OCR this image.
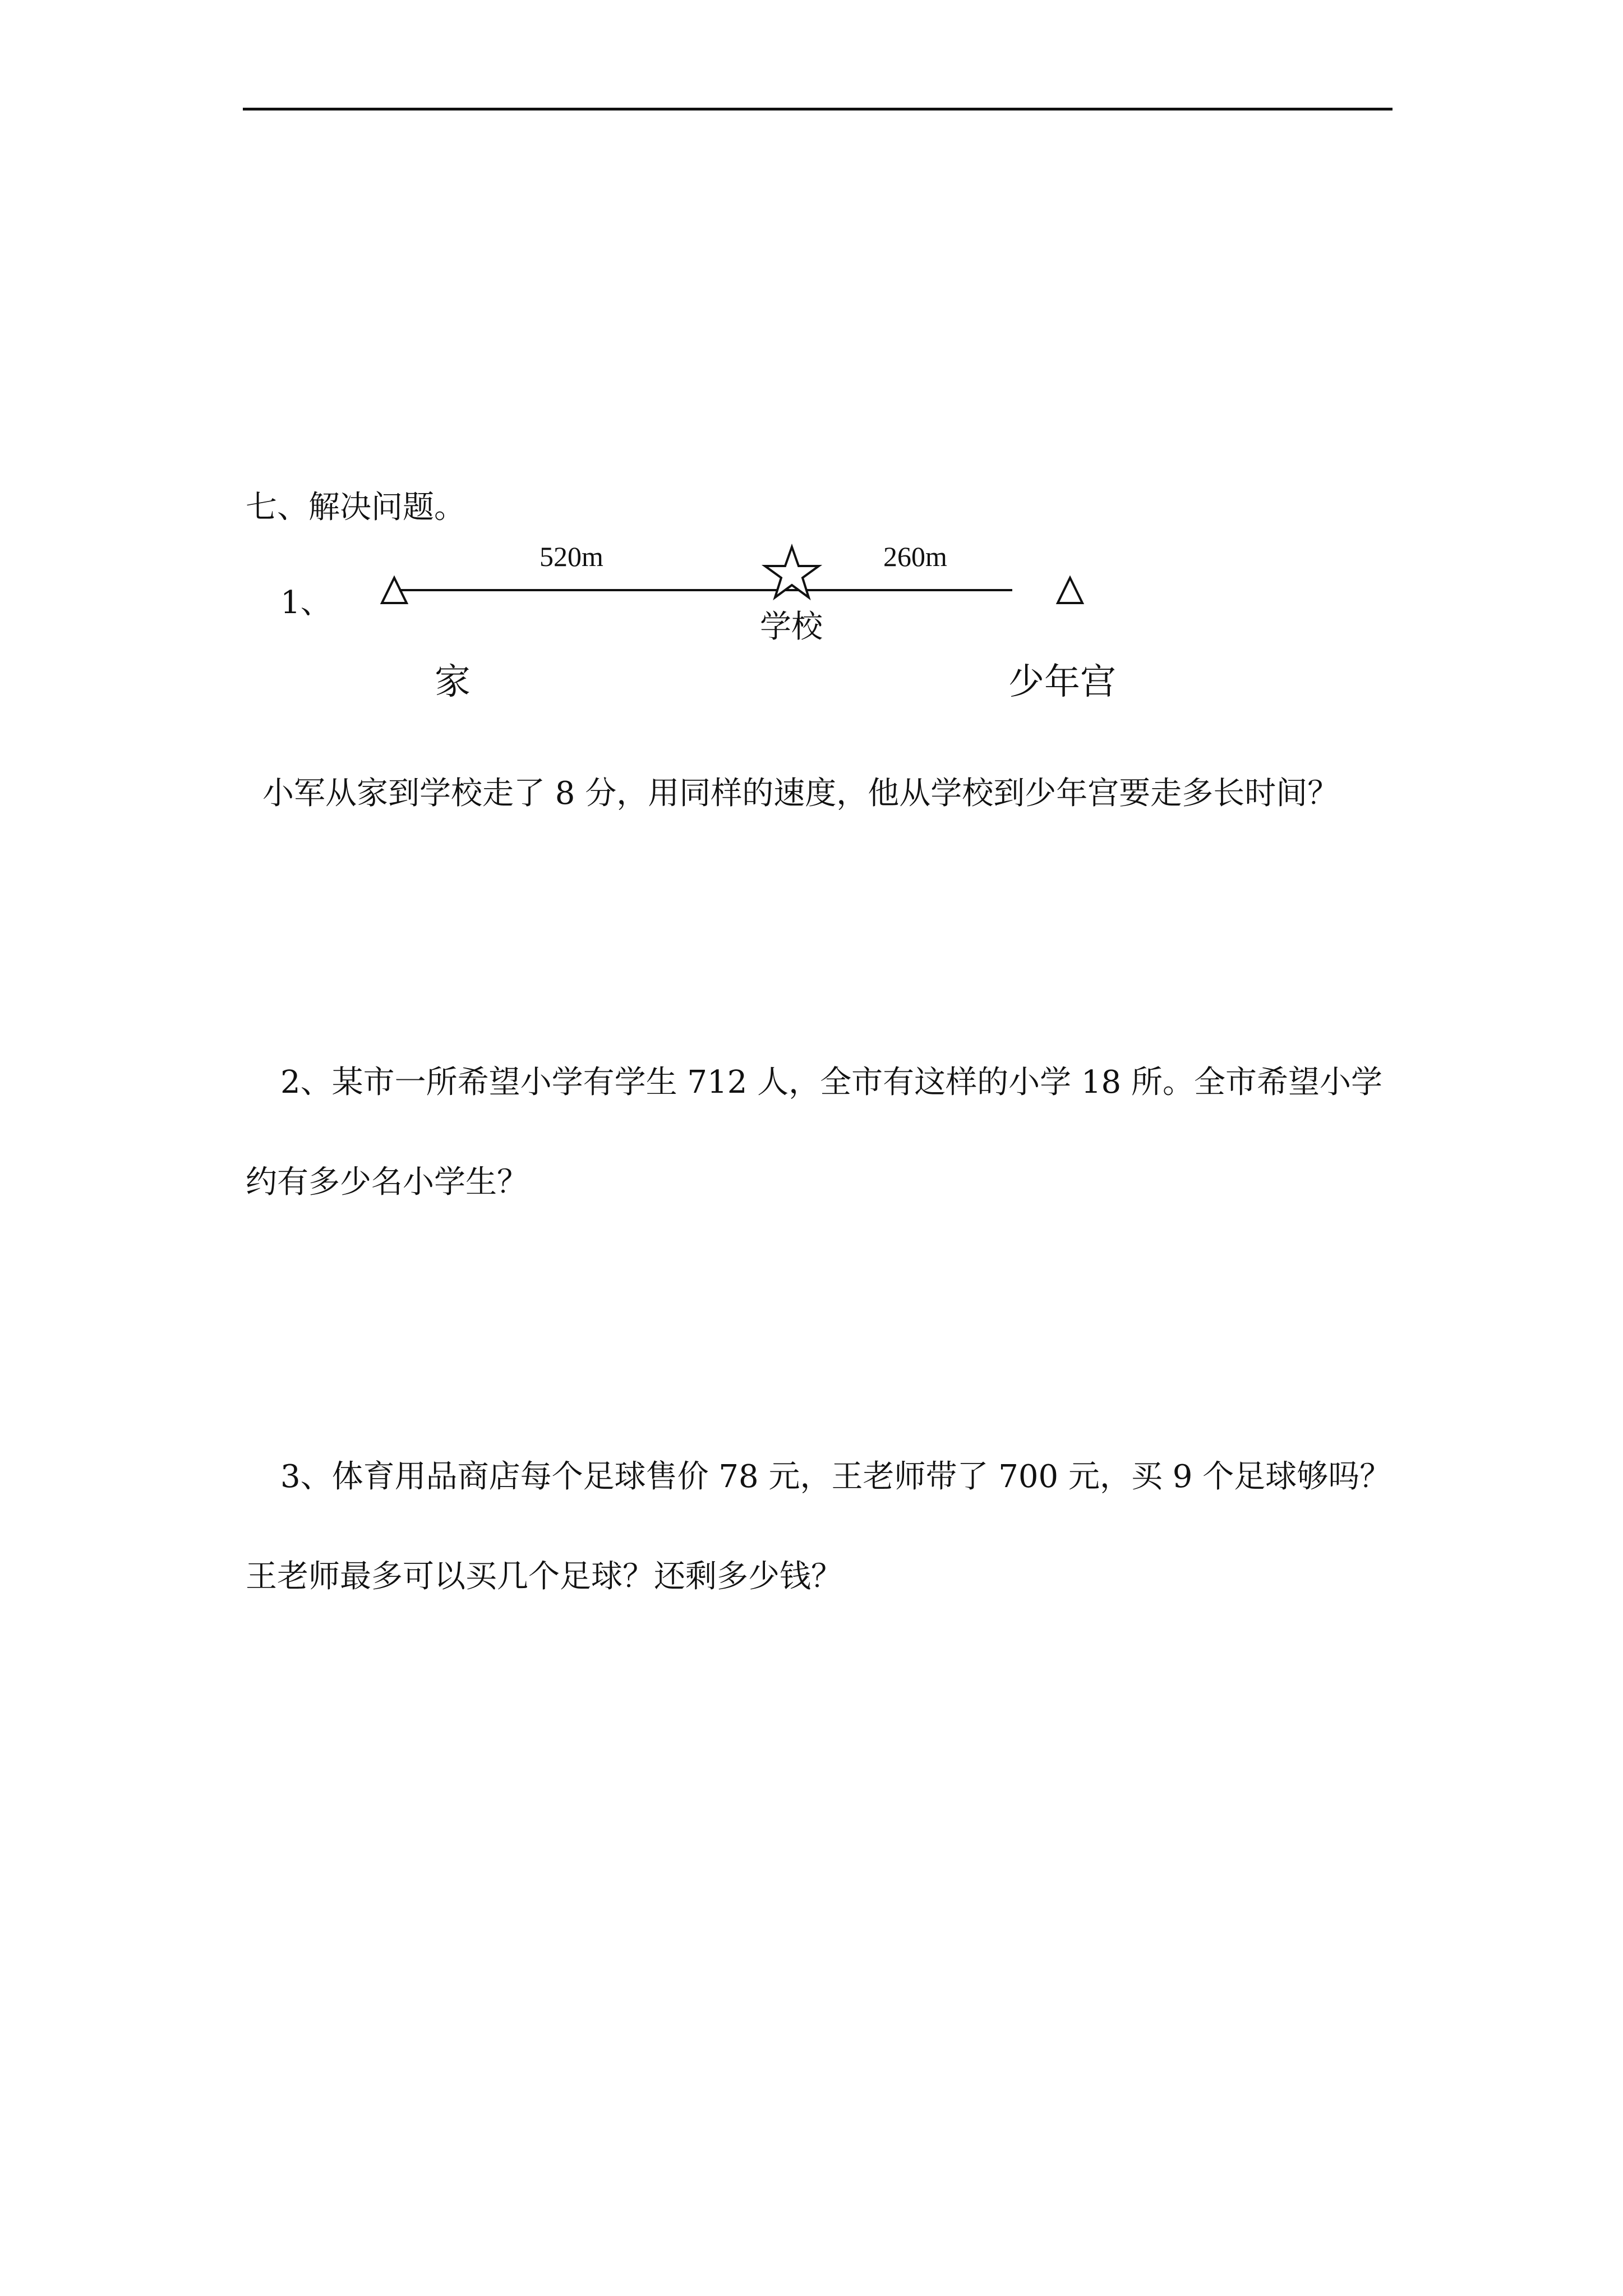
七、解决问题。
1、
520m	260m
学校
家	少年宫
小军从家到学校走了 8 分，用同样的速度，他从学校到少年宫要走多长时间？
2、某市一所希望小学有学生 712 人，全市有这样的小学 18 所。全市希望小学
约有多少名小学生？
3、体育用品商店每个足球售价 78 元，王老师带了 700 元，买 9 个足球够吗？
王老师最多可以买几个足球？还剩多少钱？
